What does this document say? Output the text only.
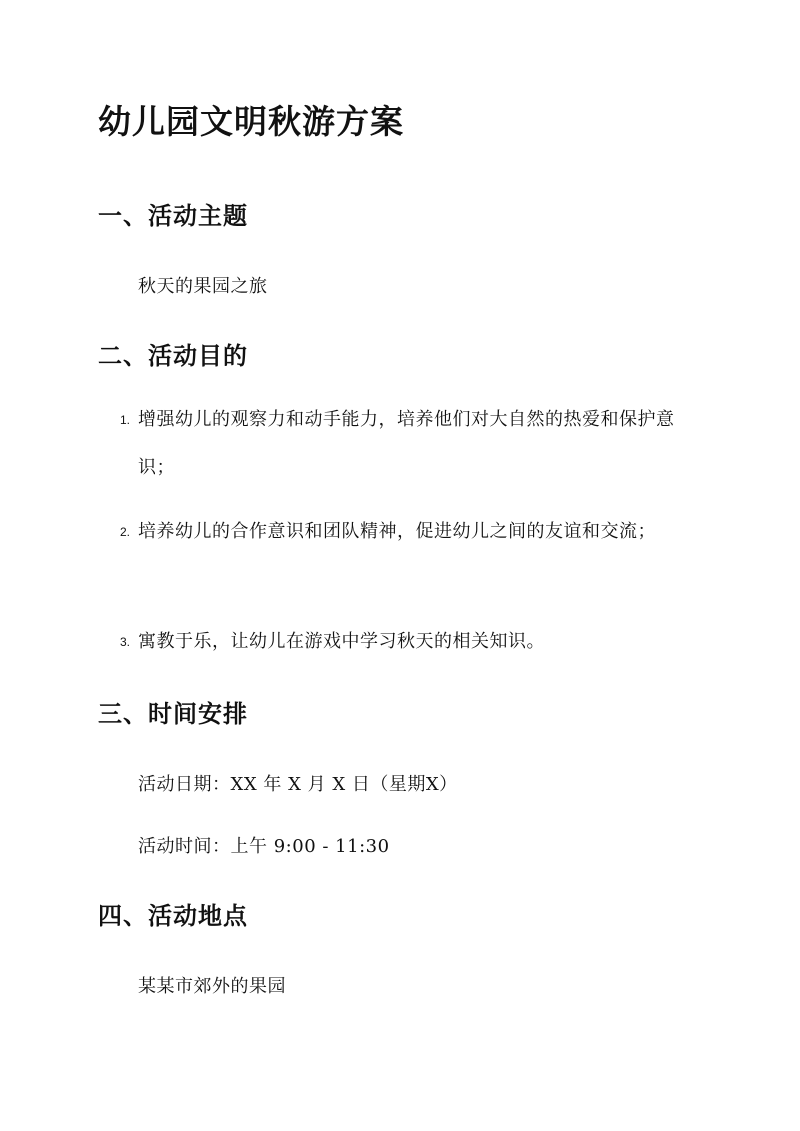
幼儿园文明秋游方案
一、活动主题

秋天的果园之旅

二、活动目的
1. 增强幼儿的观察力和动手能力，培养他们对大自然的热爱和保护意识；
2. 培养幼儿的合作意识和团队精神，促进幼儿之间的友谊和交流；
3. 寓教于乐，让幼儿在游戏中学习秋天的相关知识。
三、时间安排

活动日期：XX 年 X 月 X 日（星期X）

活动时间：上午 9:00 - 11:30

四、活动地点

某某市郊外的果园
